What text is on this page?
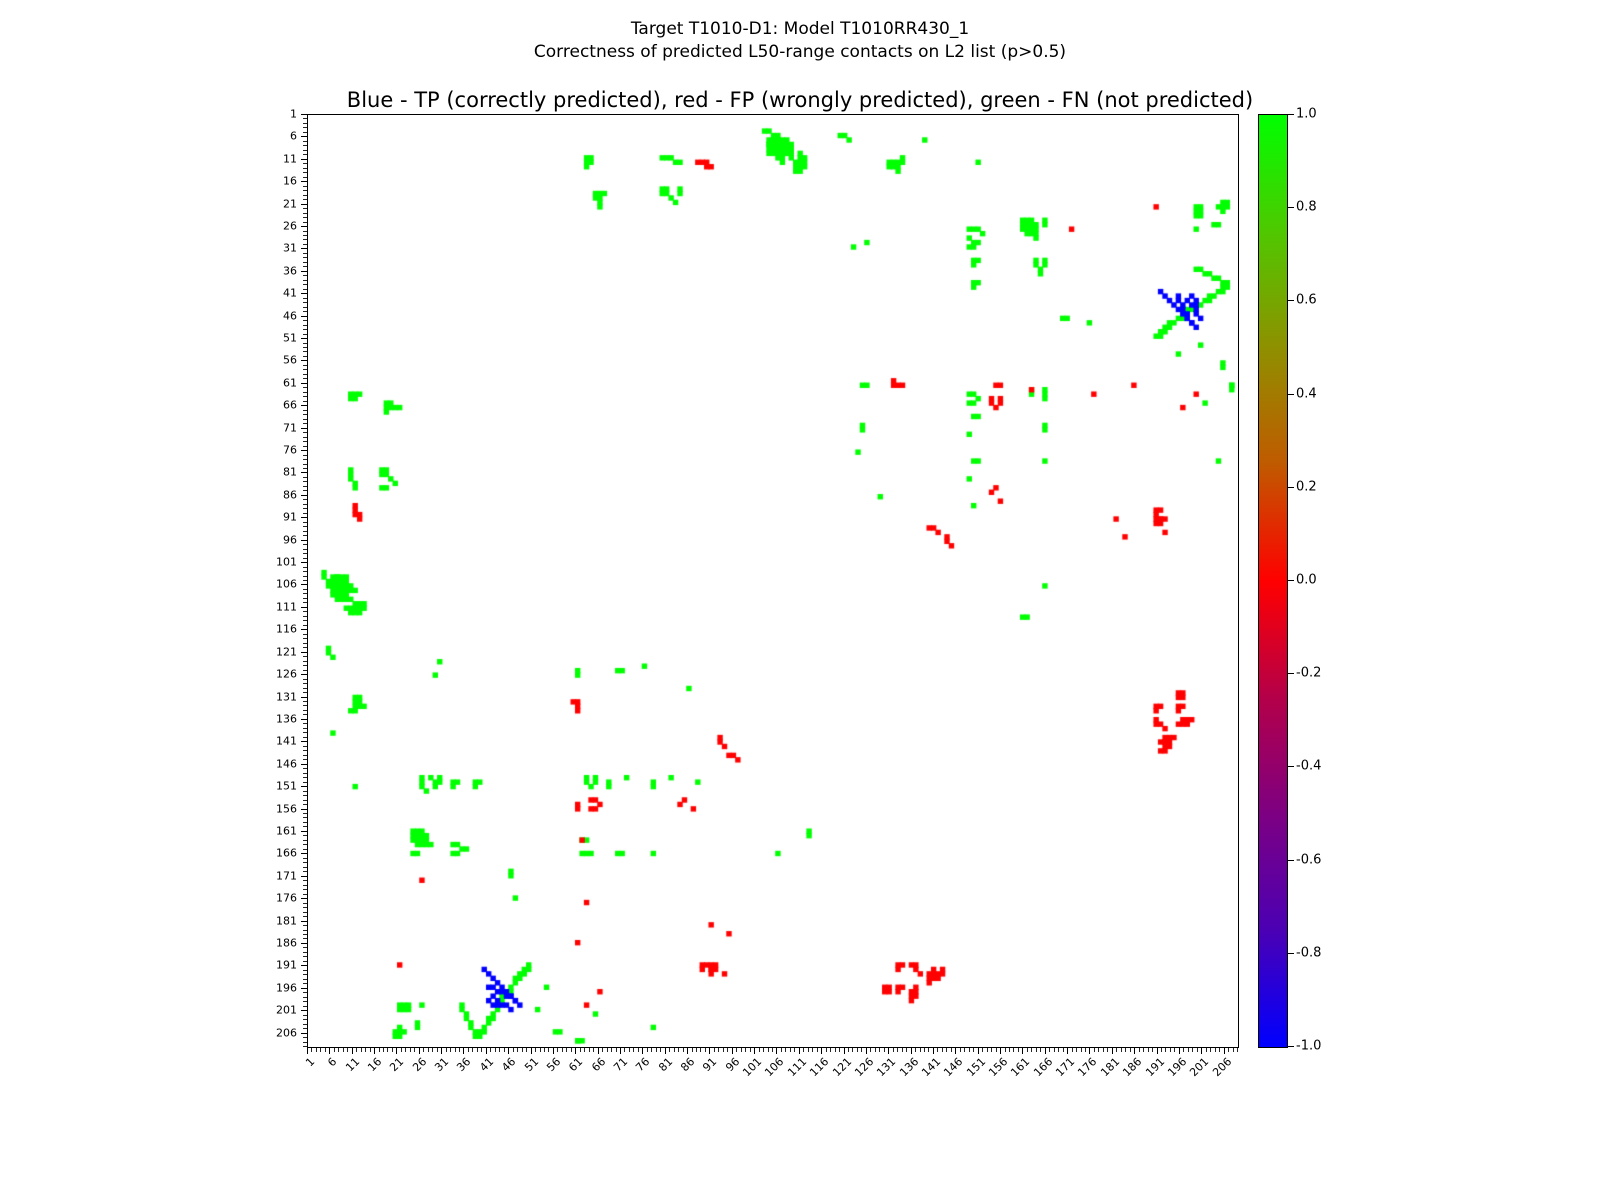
Target T1010-D1: Model T1010RR430_1
Correctness of predicted L50-range contacts on L2 list (p>0.5)
Blue - TP (correctly predicted), red - FP (wrongly predicted), green - FN (not predicted)
1
6
11
16
21
26
31
36
41
46
51
56
61
66
71
76
81
86
91
96
101
106
111
116
121
126
131
136
141
146
151
156
161
166
171
176
181
186
191
196
201
206
1 6 11 16 21 26 31 36 41 46 51 56 61 66 71 76 81 86 91 96
101
106
111
116
121
126
131
136
141
146
151
156
161
166
171
176
181
186
191
196
201
206
1.0
0.8
0.6
0.4
0.2
0.0
-0.2
-0.4
-0.6
-0.8
-1.0
